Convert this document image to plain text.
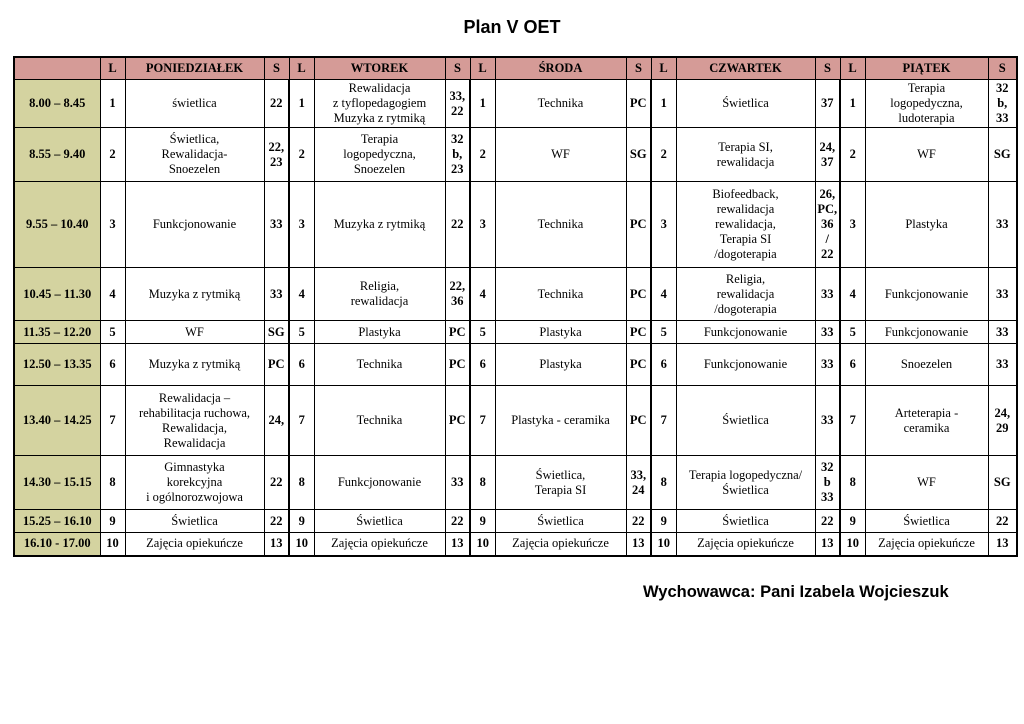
Plan V OET
	L	PONIEDZIAŁEK	S	L	WTOREK	S	L	ŚRODA	S	L	CZWARTEK	S	L	PIĄTEK	S
8.00 – 8.45	1	świetlica	22	1	Rewalidacja
z tyflopedagogiem
Muzyka z rytmiką	33,
22	1	Technika	PC	1	Świetlica	37	1	Terapia
logopedyczna,
ludoterapia	32
b,
33
8.55 – 9.40	2	Świetlica,
Rewalidacja-
Snoezelen	22,
23	2	Terapia
logopedyczna,
Snoezelen	32
b,
23	2	WF	SG	2	Terapia SI,
rewalidacja	24,
37	2	WF	SG
9.55 – 10.40	3	Funkcjonowanie	33	3	Muzyka z rytmiką	22	3	Technika	PC	3	Biofeedback,
rewalidacja
rewalidacja,
Terapia SI
/dogoterapia	26,
PC,
36
/
22	3	Plastyka	33
10.45 – 11.30	4	Muzyka z rytmiką	33	4	Religia,
rewalidacja	22,
36	4	Technika	PC	4	Religia,
rewalidacja
/dogoterapia	33	4	Funkcjonowanie	33
11.35 – 12.20	5	WF	SG	5	Plastyka	PC	5	Plastyka	PC	5	Funkcjonowanie	33	5	Funkcjonowanie	33
12.50 – 13.35	6	Muzyka z rytmiką	PC	6	Technika	PC	6	Plastyka	PC	6	Funkcjonowanie	33	6	Snoezelen	33
13.40 – 14.25	7	Rewalidacja –
rehabilitacja ruchowa,
Rewalidacja,
Rewalidacja	24,	7	Technika	PC	7	Plastyka - ceramika	PC	7	Świetlica	33	7	Arteterapia -
ceramika	24,
29
14.30 – 15.15	8	Gimnastyka
korekcyjna
i ogólnorozwojowa	22	8	Funkcjonowanie	33	8	Świetlica,
Terapia SI	33,
24	8	Terapia logopedyczna/
Świetlica	32
b
33	8	WF	SG
15.25 – 16.10	9	Świetlica	22	9	Świetlica	22	9	Świetlica	22	9	Świetlica	22	9	Świetlica	22
16.10 - 17.00	10	Zajęcia opiekuńcze	13	10	Zajęcia opiekuńcze	13	10	Zajęcia opiekuńcze	13	10	Zajęcia opiekuńcze	13	10	Zajęcia opiekuńcze	13
Wychowawca: Pani Izabela Wojcieszuk
